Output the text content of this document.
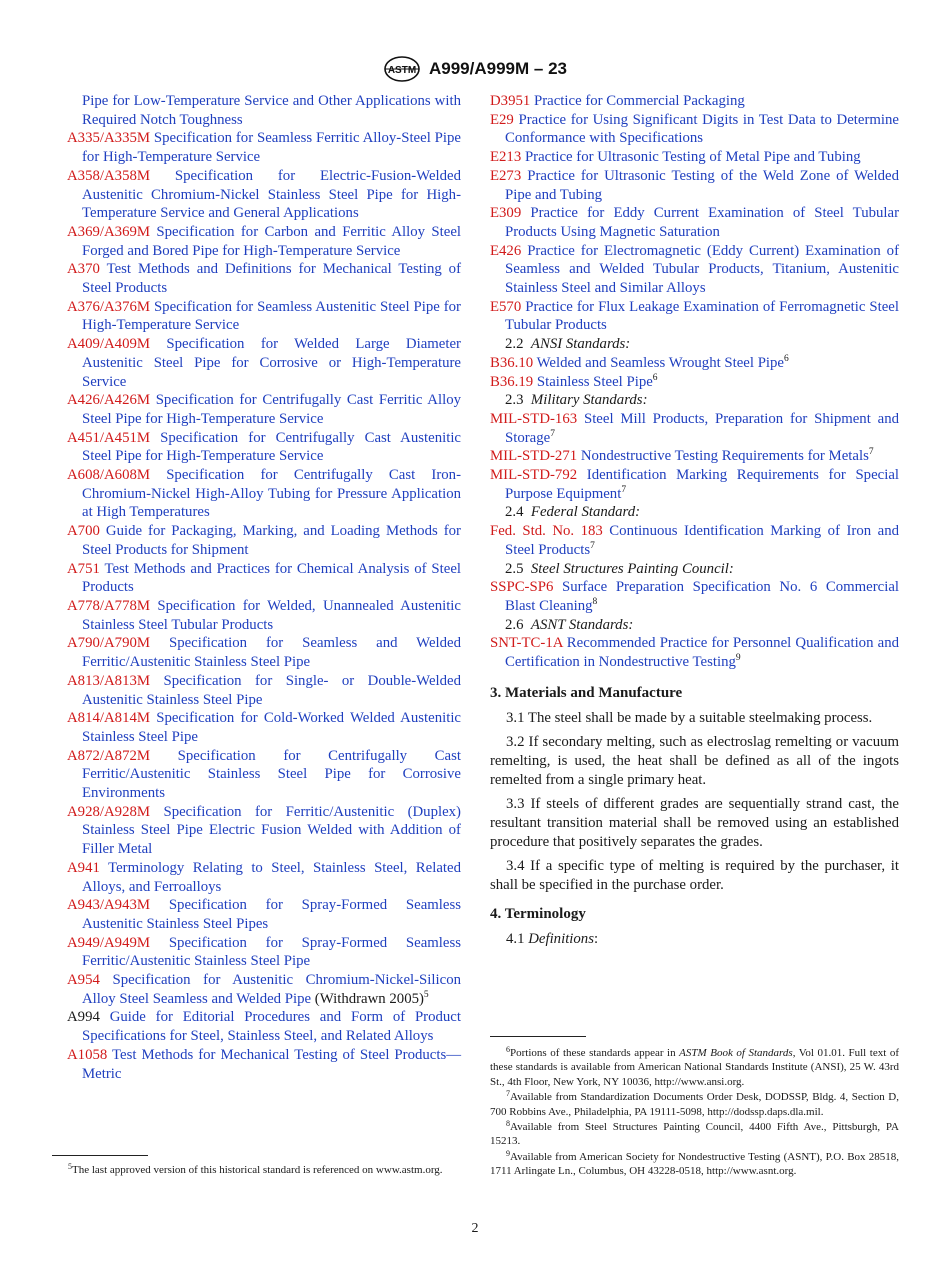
ASTM A999/A999M – 23

Pipe for Low-Temperature Service and Other Applications with Required Notch Toughness

A335/A335M Specification for Seamless Ferritic Alloy-Steel Pipe for High-Temperature Service

A358/A358M Specification for Electric-Fusion-Welded Austenitic Chromium-Nickel Stainless Steel Pipe for High-Temperature Service and General Applications

A369/A369M Specification for Carbon and Ferritic Alloy Steel Forged and Bored Pipe for High-Temperature Service

A370 Test Methods and Definitions for Mechanical Testing of Steel Products

A376/A376M Specification for Seamless Austenitic Steel Pipe for High-Temperature Service

A409/A409M Specification for Welded Large Diameter Austenitic Steel Pipe for Corrosive or High-Temperature Service

A426/A426M Specification for Centrifugally Cast Ferritic Alloy Steel Pipe for High-Temperature Service

A451/A451M Specification for Centrifugally Cast Austenitic Steel Pipe for High-Temperature Service

A608/A608M Specification for Centrifugally Cast Iron-Chromium-Nickel High-Alloy Tubing for Pressure Application at High Temperatures

A700 Guide for Packaging, Marking, and Loading Methods for Steel Products for Shipment

A751 Test Methods and Practices for Chemical Analysis of Steel Products

A778/A778M Specification for Welded, Unannealed Austenitic Stainless Steel Tubular Products

A790/A790M Specification for Seamless and Welded Ferritic/Austenitic Stainless Steel Pipe

A813/A813M Specification for Single- or Double-Welded Austenitic Stainless Steel Pipe

A814/A814M Specification for Cold-Worked Welded Austenitic Stainless Steel Pipe

A872/A872M Specification for Centrifugally Cast Ferritic/Austenitic Stainless Steel Pipe for Corrosive Environments

A928/A928M Specification for Ferritic/Austenitic (Duplex) Stainless Steel Pipe Electric Fusion Welded with Addition of Filler Metal

A941 Terminology Relating to Steel, Stainless Steel, Related Alloys, and Ferroalloys

A943/A943M Specification for Spray-Formed Seamless Austenitic Stainless Steel Pipes

A949/A949M Specification for Spray-Formed Seamless Ferritic/Austenitic Stainless Steel Pipe

A954 Specification for Austenitic Chromium-Nickel-Silicon Alloy Steel Seamless and Welded Pipe (Withdrawn 2005)$^5$

A994 Guide for Editorial Procedures and Form of Product Specifications for Steel, Stainless Steel, and Related Alloys

A1058 Test Methods for Mechanical Testing of Steel Products—Metric

D3951 Practice for Commercial Packaging

E29 Practice for Using Significant Digits in Test Data to Determine Conformance with Specifications

E213 Practice for Ultrasonic Testing of Metal Pipe and Tubing

E273 Practice for Ultrasonic Testing of the Weld Zone of Welded Pipe and Tubing

E309 Practice for Eddy Current Examination of Steel Tubular Products Using Magnetic Saturation

E426 Practice for Electromagnetic (Eddy Current) Examination of Seamless and Welded Tubular Products, Titanium, Austenitic Stainless Steel and Similar Alloys

E570 Practice for Flux Leakage Examination of Ferromagnetic Steel Tubular Products

2.2 ANSI Standards:

B36.10 Welded and Seamless Wrought Steel Pipe$^6$

B36.19 Stainless Steel Pipe$^6$

2.3 Military Standards:

MIL-STD-163 Steel Mill Products, Preparation for Shipment and Storage$^7$

MIL-STD-271 Nondestructive Testing Requirements for Metals$^7$

MIL-STD-792 Identification Marking Requirements for Special Purpose Equipment$^7$

2.4 Federal Standard:

Fed. Std. No. 183 Continuous Identification Marking of Iron and Steel Products$^7$

2.5 Steel Structures Painting Council:

SSPC-SP6 Surface Preparation Specification No. 6 Commercial Blast Cleaning$^8$

2.6 ASNT Standards:

SNT-TC-1A Recommended Practice for Personnel Qualification and Certification in Nondestructive Testing$^9$

3. Materials and Manufacture

3.1 The steel shall be made by a suitable steelmaking process.

3.2 If secondary melting, such as electroslag remelting or vacuum remelting, is used, the heat shall be defined as all of the ingots remelted from a single primary heat.

3.3 If steels of different grades are sequentially strand cast, the resultant transition material shall be removed using an established procedure that positively separates the grades.

3.4 If a specific type of melting is required by the purchaser, it shall be specified in the purchase order.

4. Terminology

4.1 Definitions:

$^6$Portions of these standards appear in ASTM Book of Standards, Vol 01.01. Full text of these standards is available from American National Standards Institute (ANSI), 25 W. 43rd St., 4th Floor, New York, NY 10036, http://www.ansi.org.

$^7$Available from Standardization Documents Order Desk, DODSSP, Bldg. 4, Section D, 700 Robbins Ave., Philadelphia, PA 19111-5098, http://dodssp.daps.dla.mil.

$^8$Available from Steel Structures Painting Council, 4400 Fifth Ave., Pittsburgh, PA 15213.

$^9$Available from American Society for Nondestructive Testing (ASNT), P.O. Box 28518, 1711 Arlingate Ln., Columbus, OH 43228-0518, http://www.asnt.org.

$^5$The last approved version of this historical standard is referenced on www.astm.org.

2
